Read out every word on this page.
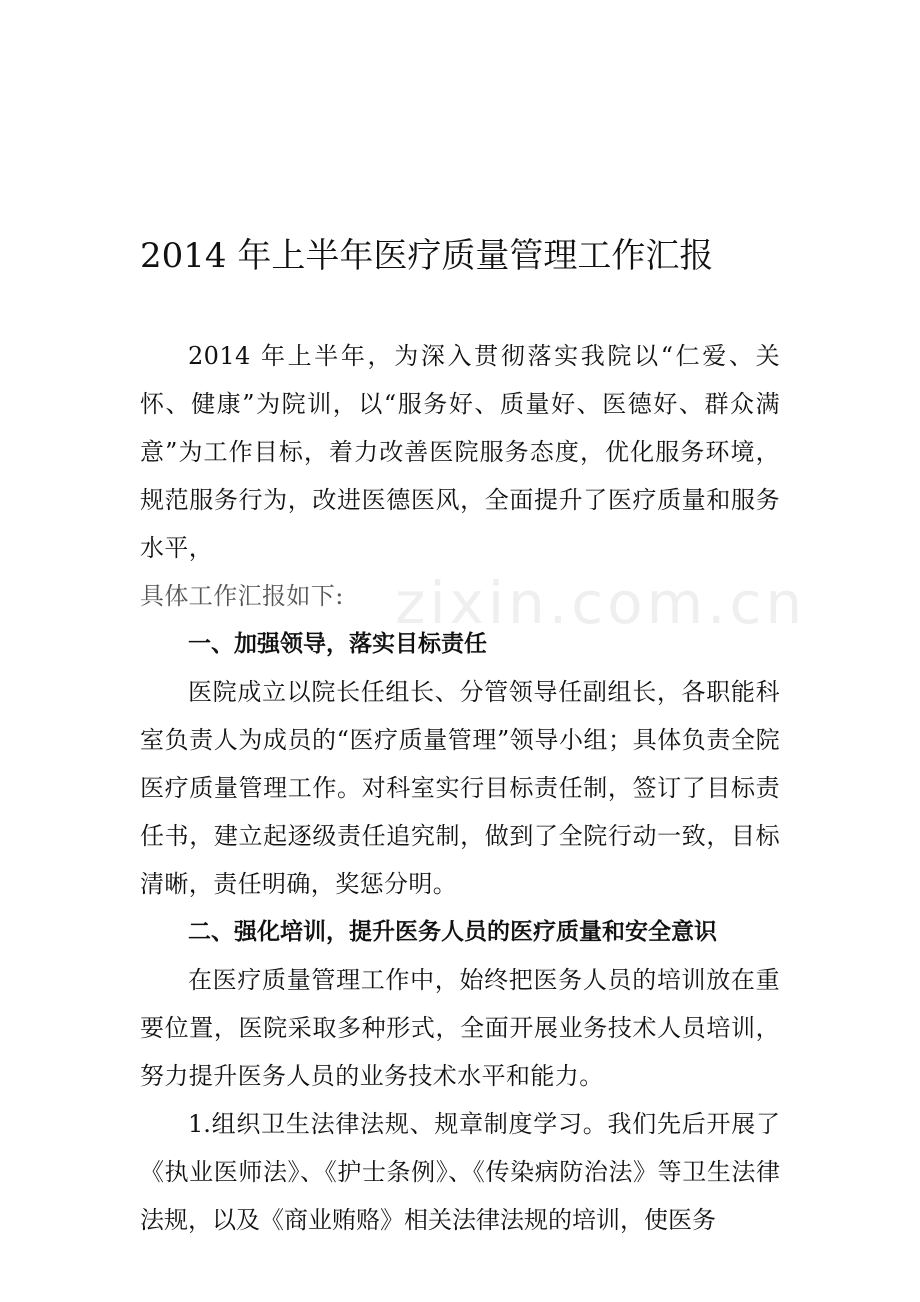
zixin.com.cn
2014 年上半年医疗质量管理工作汇报

2014 年上半年，为深入贯彻落实我院以“仁爱、关怀、健康”为院训，以“服务好、质量好、医德好、群众满意”为工作目标，着力改善医院服务态度，优化服务环境，规范服务行为，改进医德医风，全面提升了医疗质量和服务水平，

具体工作汇报如下:

一、加强领导，落实目标责任

医院成立以院长任组长、分管领导任副组长，各职能科室负责人为成员的“医疗质量管理”领导小组；具体负责全院医疗质量管理工作。对科室实行目标责任制，签订了目标责任书，建立起逐级责任追究制，做到了全院行动一致，目标清晰，责任明确，奖惩分明。

二、强化培训，提升医务人员的医疗质量和安全意识

在医疗质量管理工作中，始终把医务人员的培训放在重要位置，医院采取多种形式，全面开展业务技术人员培训，努力提升医务人员的业务技术水平和能力。

1.组织卫生法律法规、规章制度学习。我们先后开展了《执业医师法》、《护士条例》、《传染病防治法》等卫生法律法规，以及《商业贿赂》相关法律法规的培训，使医务
